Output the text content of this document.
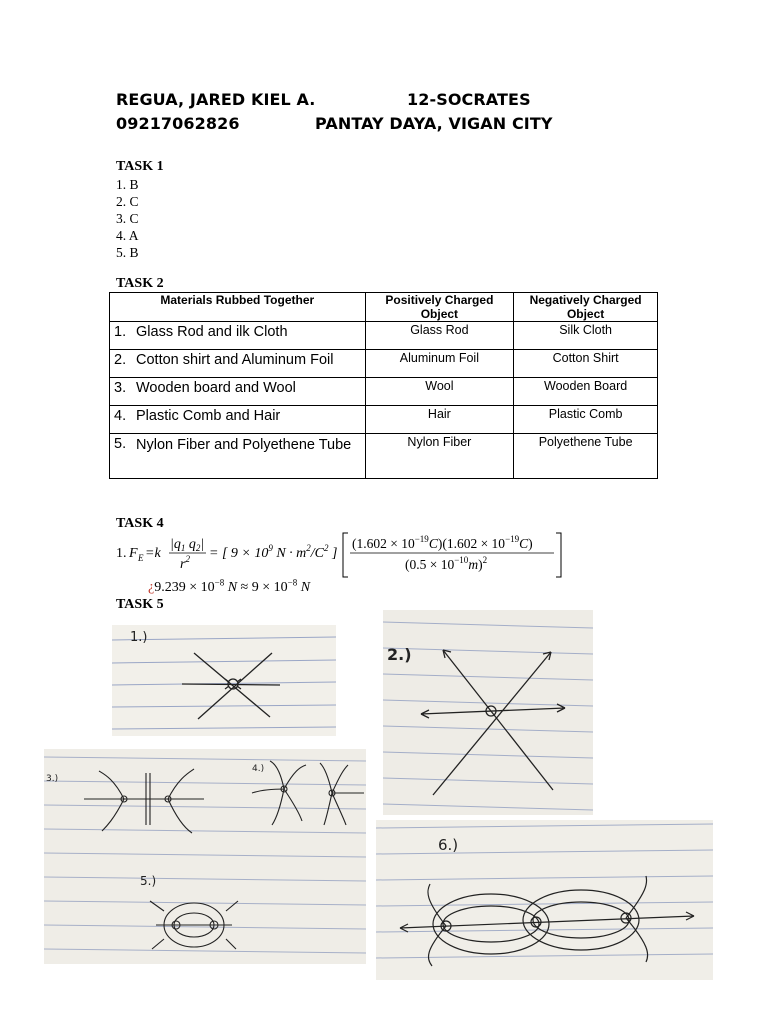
REGUA, JARED KIEL A.	12-SOCRATES
09217062826	PANTAY DAYA, VIGAN CITY
TASK 1
1. B
2. C
3. C
4. A
5. B
TASK 2
Materials Rubbed Together	Positively Charged Object	Negatively Charged Object
1. Glass Rod and ilk Cloth	Glass Rod	Silk Cloth
2. Cotton shirt and Aluminum Foil	Aluminum Foil	Cotton Shirt
3. Wooden board and Wool	Wool	Wooden Board
4. Plastic Comb and Hair	Hair	Plastic Comb

5. Nylon Fiber and Polyethene Tube	Nylon Fiber	Polyethene Tube
TASK 4
1. F E =k
$|q_1$ $q_2|$
$r^2$ = [ $9 \times 10^9$ $N \cdot m^2/C^2$ ]
$(1.602 \times 10^{-19}C)(1.602 \times 10^{-19}C)$
$(0.5 \times 10^{-10}m)^2$
¿$9.239 \times 10^{-8}$ $N \approx 9 \times 10^{-8}$ N
TASK 5
1.)
2.)
3.)
4.)
5.)
6.)
